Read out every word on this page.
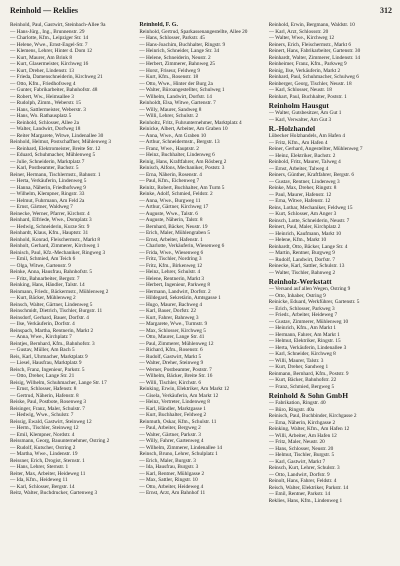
Reinhold — Reklies	312
Reinhold, Paul, Gastwirt, Steinbach-Allee 9a
— Hans-Jürg., Ing., Brunnenstr. 29
— Charlotte, Kfm., Leipziger Str. 14
— Helene, Wwe., Ernst-Engel-Str. 7
— Klemens, Lehrer, Hinter d. Dom 12
— Kurt, Maurer, Am Brink 8
— Kurt, Glasermeister, Kirchweg 16
— Kurt, Dreher, Lindenstr. 13
— Frieda, Damenschneiderin, Kirchweg 21
— Otto, Kfm., Friedhofsweg 4
— Gunter, Fabrikarbeiter, Bahnhofstr. 48
— Robert, Ww., Heimsallee 3
— Rudolph, Zimm., Weberstr. 15
— Hans, Sattlermeister, Weberstr. 3
— Hans, Wo. Rathausplatz 5
— Reinhold, Schlosser, Allee 2a
— Walter, Landwirt, Dorfweg 18
— Reiter Margarete, Witwe, Lindenallee 30
Reinhold, Helmut, Postschaffner, Mühlenweg 3
— Reinhard, Elektromeister, Breite Str. 12
— Eduard, Schuhmacher, Mühlenweg 5
— Julie, Schneiderin, Marktplatz 7
— Karl, Postbeamter, Bachstr. 5
Reiner, Hermann, Tischlermstr., Bahnstr. 1
— Herta, Verkäuferin, Lindenweg 5
— Hanna, Näherin, Friedhofsweg 9
— Wilhelm, Klempner, Ringstr. 33
— Helmut, Fuhrmann, Am Feld 2a
— Ernst, Gärtner, Waldweg 7
Reinecke, Werner, Pfarrer, Kirchstr. 4
Reinhard, Elfriede, Wwe., Domplatz 3
— Hedwig, Schneiderin, Kurze Str. 9
Reinhardt, Klaus, Kfm., Hauptstr. 31
Reinhold, Konrad, Fleischermstr., Markt 8
Reinholt, Gerhard, Zimmerer, Kirchweg 1
Reinisch, Paul, Kfz.-Mechaniker, Ringweg 3
— Emil, Schmied, Am Teich 6
— Olga, Witwe, Gartenstr. 9
Reinke, Anna, Hausfrau, Bahnhofstr. 5
— Fritz, Bahnarbeiter, Bergstr. 7
Reinking, Hans, Händler, Talstr. 14
Reinmann, Friedr., Bäckermstr., Mühlenweg 2
— Kurt, Bäcker, Mühlenweg 2
Reinsch, Walter, Gärtner, Lindenweg 5
Reinschmidt, Dietrich, Tischler, Burgstr. 11
Reinsdorf, Gerhard, Bauer, Dorfstr. 4
— Ilse, Verkäuferin, Dorfstr. 4
Reinspach, Martha, Rentnerin, Markt 2
— Anna, Wwe., Kirchplatz 7
Reintjes, Bernhard, Kfm., Bahnhofstr. 3
— Gustav, Müller, Am Bach 5
Reis, Karl, Uhrmacher, Marktplatz 9
— Liesel, Hausfrau, Marktplatz 9
Reisch, Franz, Ingenieur, Parkstr. 5
— Otto, Dreher, Lange Str. 21
Reisig, Wilhelm, Schuhmacher, Lange Str. 17
— Ernst, Schlosser, Hafenstr. 8
— Gertrud, Näherin, Hafenstr. 8
Reiske, Paul, Postbote, Rosenweg 3
Reisinger, Franz, Maler, Schulstr. 7
— Hedwig, Wwe., Schulstr. 7
Reissig, Ewald, Gastwirt, Steinweg 12
— Herm., Tischler, Steinweg 12
— Emil, Klempner, Nordstr. 4
Reissmann, Georg, Bauunternehmer, Ostring 2
— Rudolf, Kutscher, Ostring 2
— Martha, Wwe., Lindenstr. 19
Reissner, Erich, Drogist, Sternstr. 1
— Hans, Lehrer, Sternstr. 1
Reiter, Max, Arbeiter, Heideweg 11
— Ida, Kfm., Heideweg 11
— Karl, Schlosser, Bergstr. 14
Reitz, Walter, Buchdrucker, Gartenweg 3
Reinhold, F. G.
Reinhold, Gertrud, Sparkassenangestellte, Allee 20
— Hans, Schlosser, Parkstr. 45
— Hans-Joachim, Buchhalter, Ringstr. 9
— Heinrich, Schneider, Lange Str. 34
— Helene, Schneiderin, Neustr. 2
— Herbert, Zimmerer, Bahnweg 25
— Horst, Friseur, Feldweg 9
— Kurt, Kfm., Rosenstr. 18
— Otto, Wwe., Hinter der Burg 2a
— Walter, Büroangestellter, Schulweg 1
— Wilhelm, Landwirt, Dorfstr. 14
Reinholdt, Elsa, Witwe, Gartenstr. 7
— Willy, Maurer, Sandweg 8
— Willi, Lehrer, Schulstr. 2
Reinholtz, Fritz, Fuhrunternehmer, Marktplatz 4
Reinicke, Albert, Arbeiter, Am Graben 10
— Anna, Wwe., Am Graben 10
— Arthur, Schneidermstr., Bergstr. 13
— Franz, Wwe., Hauptstr. 2
— Heinz, Buchhalter, Lindenweg 6
Reinig, Hans, Kraftfahrer, Am Rösberg 2
Reinisch, Alfons, Mechaniker, Poststr. 3
— Erna, Näherin, Rosenstr. 4
— Paul, Kfm., Eichenweg 7
Reinitz, Robert, Buchhalter, Am Turm 5
Reinke, Adolf, Schmied, Feldstr. 2
— Anna, Wwe., Burgweg 11
— Arthur, Gärtner, Kirchweg 17
— Auguste, Wwe., Talstr. 6
— Auguste, Näherin, Talstr. 8
— Bernhard, Bäcker, Neustr. 19
— Erich, Maler, Mühlengraben 5
— Ernst, Arbeiter, Hafenstr. 1
— Charlotte, Verkäuferin, Wiesenweg 6
— Frida, Wwe., Wiesenweg 6
— Fritz, Tischler, Nordring 3
— Fritz, Kfm., Birkenweg 12
— Heinz, Lehrer, Schulstr. 4
— Helene, Rentnerin, Markt 3
— Herbert, Ingenieur, Parkweg 8
— Hermann, Landwirt, Dorfstr. 2
— Hildegard, Sekretärin, Amtsgasse 1
— Hugo, Maurer, Bachweg 4
— Karl, Bauer, Dorfstr. 22
— Kurt, Fahrer, Bahnweg 3
— Margarete, Wwe., Turmstr. 9
— Max, Schlosser, Kirchweg 5
— Otto, Maurer, Lange Str. 41
— Paul, Zimmerer, Mühlenweg 12
— Richard, Kfm., Rosenstr. 6
— Rudolf, Gastwirt, Markt 5
— Walter, Dreher, Steinweg 9
— Werner, Postbeamter, Poststr. 7
— Wilhelm, Bäcker, Breite Str. 16
— Willi, Tischler, Kirchstr. 6
Reinking, Erwin, Elektriker, Am Markt 12
— Gisela, Verkäuferin, Am Markt 12
— Heinz, Vertreter, Lindenweg 8
— Karl, Händler, Marktgasse 1
— Kurt, Buchhalter, Feldweg 2
Reinmuth, Oskar, Kfm., Schulstr. 11
— Paul, Arbeiter, Bergweg 2
— Walter, Gärtner, Parkstr. 3
— Willy, Fahrer, Gartenweg 4
— Wilhelm, Zimmerer, Lindenallee 14
Reinsch, Bruno, Lehrer, Schulplatz 1
— Erich, Maler, Burgstr. 3
— Ida, Hausfrau, Burgstr. 3
— Karl, Rentner, Mühlgasse 2
— Max, Sattler, Ringstr. 10
— Otto, Arbeiter, Heideweg 4
— Ernst, Arzt, Am Bahnhof 11
Reinhold, Erwin, Bergmann, Waldstr. 10
— Karl, Arzt, Schlossstr. 20
— Walter, Wwe., Kirchweg 12
Reiners, Erich, Fleischermstr., Markt 6
Reinert, Hans, Fabrikarbeiter, Gartenstr. 30
Reinhardt, Walter, Zimmerer, Lindenstr. 14
Reinheimer, Franz, Kfm., Parkweg 9
Reinig, Ilse, Verkäuferin, Markt 2
Reinhard, Paul, Schuhmacher, Schulweg 6
Reinberger, Georg, Tischler, Neustr. 18
— Karl, Schlosser, Neustr. 18
Reinhart, Paul, Buchhalter, Poststr. 1
Reinholm Hausgut
— Walter, Gutsbesitzer, Am Gut 1
— Karl, Verwalter, Am Gut 3
R.-Holzhandel
Lübecker Holzhandels, Am Hafen 4
— Fritz, Kfm., Am Hafen 4
Reiner, Gerhard, Angestellter, Mühlenweg 7
— Heinz, Elektriker, Bachstr. 2
Reinbold, Fritz, Maurer, Talweg 4
— Ernst, Arbeiter, Talweg 4
Reiners, Günther, Kraftfahrer, Bergstr. 6
— Gustav, Rentner, Lindenweg 3
Reinke, Max, Dreher, Ringstr. 8
— Paul, Maurer, Hafenstr. 12
— Erna, Witwe, Hafenstr. 12
Reins, Lothar, Mechaniker, Feldweg 15
— Kurt, Schlosser, Am Anger 3
Reinsch, Lotte, Schneiderin, Neustr. 7
Reinert, Paul, Maler, Kirchplatz 2
— Heinrich, Kaufmann, Markt 10
— Helene, Kfm., Markt 10
Reinhardt, Otto, Bäcker, Lange Str. 4
— Martin, Rentner, Burgweg 9
— Rudolf, Landwirt, Dorfstr. 7
Reinecke, Karl, Sattler, Schulstr. 13
— Walter, Tischler, Bahnweg 2
Reinholz-Werkstatt
— Versand auf allen Wegen, Ostring 9
— Otto, Inhaber, Ostring 9
Reinicke, Eduard, Werkführer, Gartenstr. 5
— Erich, Schlosser, Parkweg 3
— Friedr., Arbeiter, Heideweg 7
— Gustav, Zimmerer, Mühlenweg 10
— Heinrich, Kfm., Am Markt 1
— Hermann, Fahrer, Am Markt 1
— Helmut, Elektriker, Ringstr. 15
— Herta, Verkäuferin, Lindenallee 3
— Karl, Schneider, Kirchweg 8
— Willi, Maurer, Talstr. 3
— Kurt, Dreher, Sandweg 1
Reinmann, Bernhard, Kfm., Poststr. 9
— Kurt, Bäcker, Bahnhofstr. 22
— Franz, Schmied, Bergweg 5
Reinhold & Sohn GmbH
— Fabrikation, Ringstr. 40
— Büro, Ringstr. 40a
Reinisch, Paul, Buchbinder, Kirchgasse 2
— Erna, Näherin, Kirchgasse 2
Reinking, Walter, Kfm., Am Hafen 12
— Willi, Arbeiter, Am Hafen 12
— Fritz, Maler, Neustr. 20
— Hans, Schlosser, Neustr. 20
— Helmut, Tischler, Burgstr. 5
— Karl, Gastwirt, Markt 7
Reinsch, Kurt, Lehrer, Schulstr. 3
— Otto, Landwirt, Dorfstr. 9
Reinolt, Hans, Fahrer, Feldstr. 4
Reisch, Walter, Elektriker, Parkstr. 14
— Emil, Rentner, Parkstr. 14
Reklies, Hans, Kfm., Lindenweg 1
